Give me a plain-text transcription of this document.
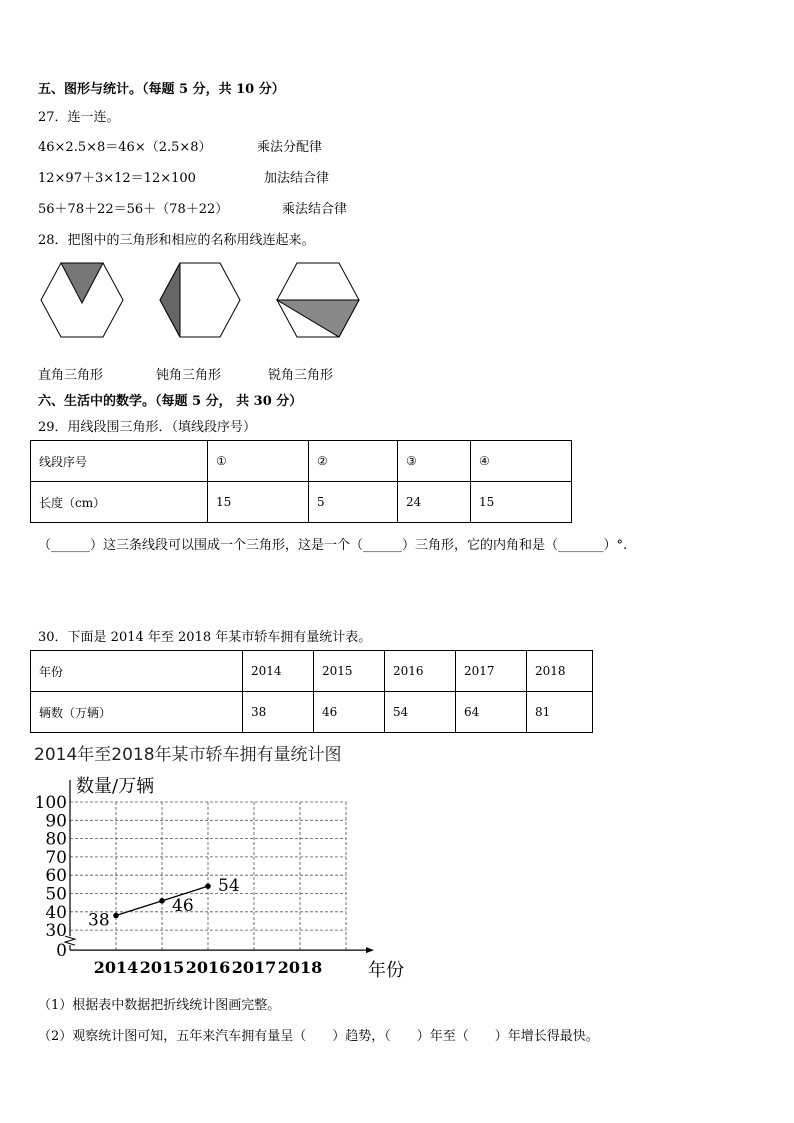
五、图形与统计。（每题 5 分，共 10 分）
27．连一连。
46×2.5×8＝46×（2.5×8）	乘法分配律
12×97＋3×12＝12×100	加法结合律
56＋78＋22＝56＋（78＋22）	乘法结合律
28．把图中的三角形和相应的名称用线连起来。
直角三角形	钝角三角形	锐角三角形
六、生活中的数学。（每题 5 分， 共 30 分）
29．用线段围三角形．（填线段序号）
线段序号	①	②	③	④
长度（cm）	15	5	24	15
（______）这三条线段可以围成一个三角形，这是一个（______）三角形，它的内角和是（_______）°.
30．下面是 2014 年至 2018 年某市轿车拥有量统计表。
年份	2014	2015	2016	2017	2018
辆数（万辆）	38	46	54	64	81
2014年至2018年某市轿车拥有量统计图
100
90
80
70
60
50
40
30
0
数量/万辆
2014 2015 2016 2017 2018	年份
38
46
54
（1）根据表中数据把折线统计图画完整。
（2）观察统计图可知，五年来汽车拥有量呈（　　）趋势，（　　）年至（　　）年增长得最快。
